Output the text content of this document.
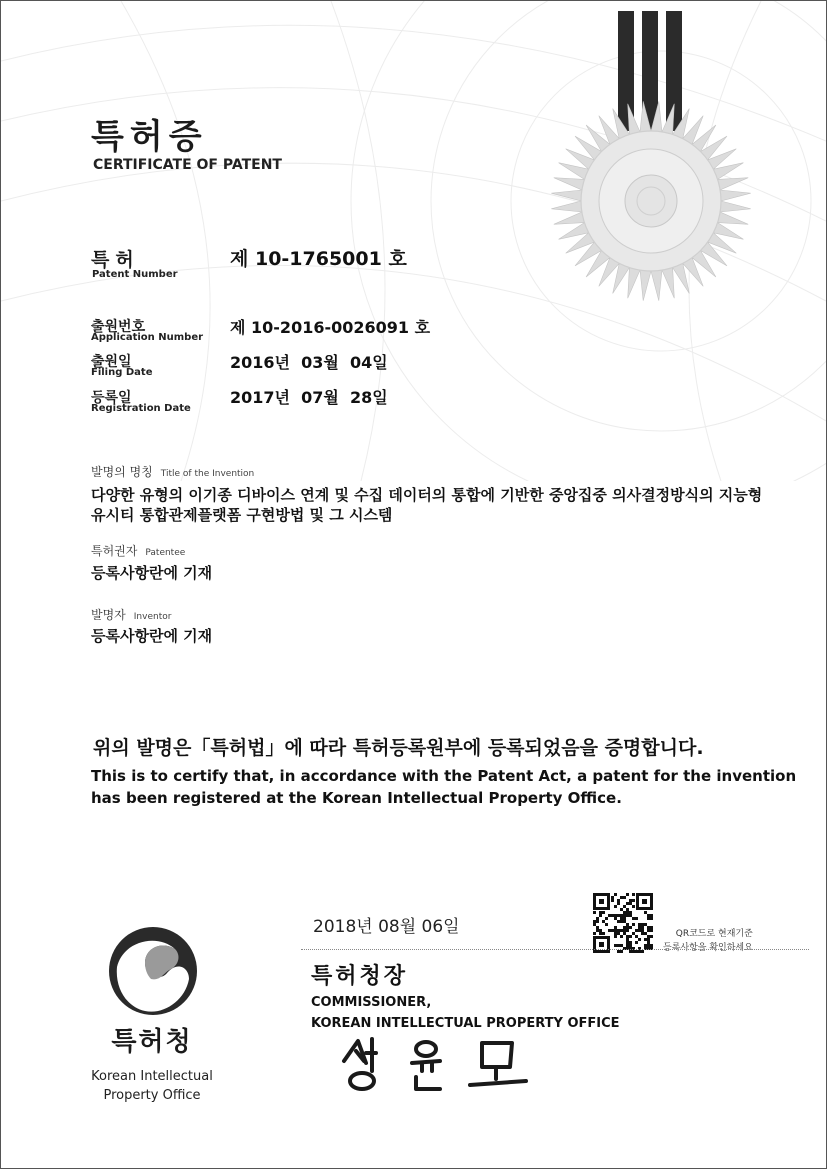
특허증
CERTIFICATE OF PATENT
특허
Patent Number
제 10-1765001 호
출원번호
Application Number
제 10-2016-0026091 호
출원일
Filing Date
2016년  03월  04일
등록일
Registration Date
2017년  07월  28일
발명의 명칭 Title of the Invention
다양한 유형의 이기종 디바이스 연계 및 수집 데이터의 통합에 기반한 중앙집중 의사결정방식의 지능형
유시티 통합관제플랫폼 구현방법 및 그 시스템
특허권자 Patentee
등록사항란에 기재
발명자 Inventor
등록사항란에 기재
위의 발명은「특허법」에 따라 특허등록원부에 등록되었음을 증명합니다.
This is to certify that, in accordance with the Patent Act, a patent for the invention
has been registered at the Korean Intellectual Property Office.
2018년 08월 06일	QR코드로 현재기준
등록사항을 확인하세요
특허청장
COMMISSIONER,
KOREAN INTELLECTUAL PROPERTY OFFICE
특허청
Korean Intellectual
Property Office
